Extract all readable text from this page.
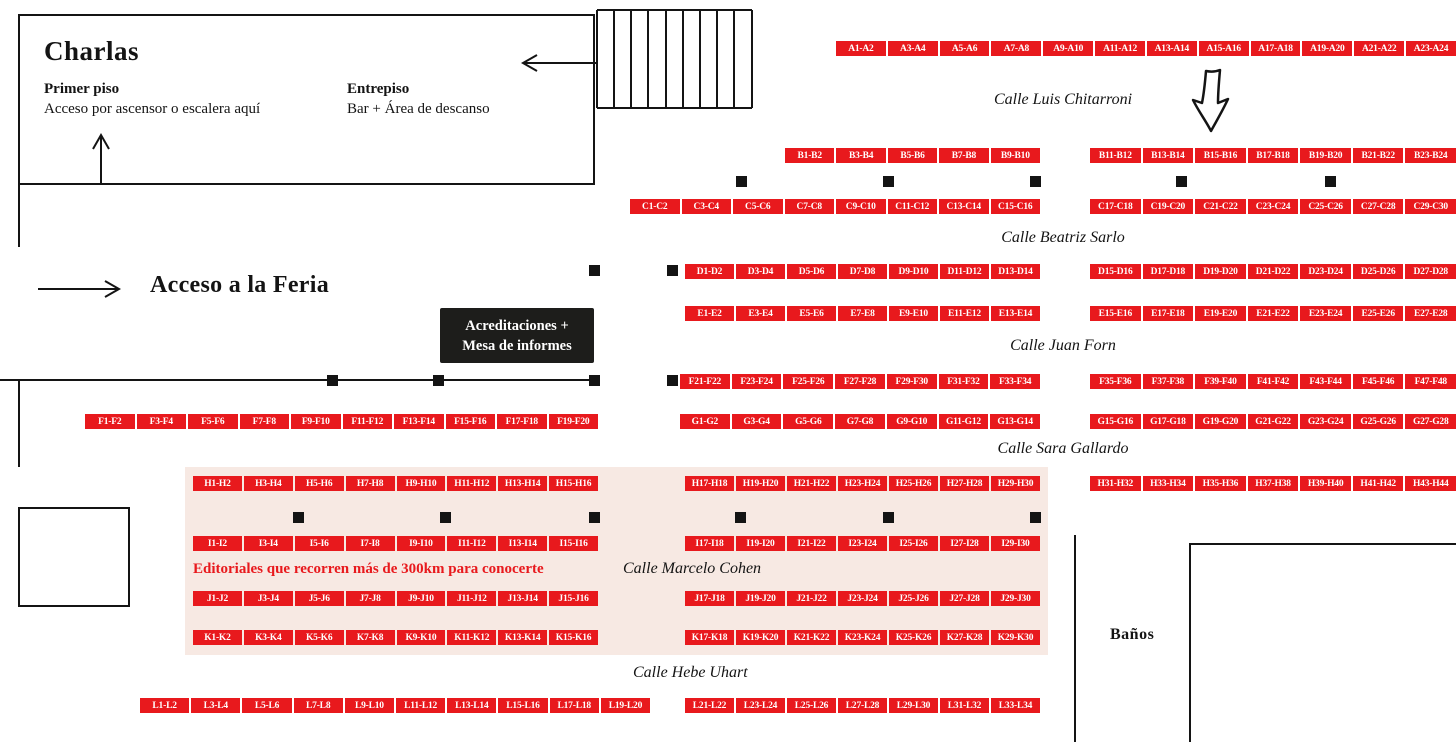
Charlas
Primer piso
Acceso por ascensor o escalera aquí
Entrepiso
Bar + Área de descanso
Acceso a la Feria
Acreditaciones +
Mesa de informes
Editoriales que recorren más de 300km para conocerte
Baños
Calle Luis Chitarroni
Calle Beatriz Sarlo
Calle Juan Forn
Calle Sara Gallardo
Calle Marcelo Cohen
Calle Hebe Uhart
A1-A2	A3-A4	A5-A6	A7-A8	A9-A10	A11-A12	A13-A14	A15-A16	A17-A18	A19-A20	A21-A22	A23-A24
B1-B2	B3-B4	B5-B6	B7-B8	B9-B10	B11-B12	B13-B14	B15-B16	B17-B18	B19-B20	B21-B22	B23-B24
C1-C2	C3-C4	C5-C6	C7-C8	C9-C10	C11-C12	C13-C14	C15-C16	C17-C18	C19-C20	C21-C22	C23-C24	C25-C26	C27-C28	C29-C30
D1-D2	D3-D4	D5-D6	D7-D8	D9-D10	D11-D12	D13-D14	D15-D16	D17-D18	D19-D20	D21-D22	D23-D24	D25-D26	D27-D28
E1-E2	E3-E4	E5-E6	E7-E8	E9-E10	E11-E12	E13-E14	E15-E16	E17-E18	E19-E20	E21-E22	E23-E24	E25-E26	E27-E28
F21-F22	F23-F24	F25-F26	F27-F28	F29-F30	F31-F32	F33-F34	F35-F36	F37-F38	F39-F40	F41-F42	F43-F44	F45-F46	F47-F48
F1-F2	F3-F4	F5-F6	F7-F8	F9-F10	F11-F12	F13-F14	F15-F16	F17-F18	F19-F20	G1-G2	G3-G4	G5-G6	G7-G8	G9-G10	G11-G12	G13-G14	G15-G16	G17-G18	G19-G20	G21-G22	G23-G24	G25-G26	G27-G28
H1-H2	H3-H4	H5-H6	H7-H8	H9-H10	H11-H12	H13-H14	H15-H16	H17-H18	H19-H20	H21-H22	H23-H24	H25-H26	H27-H28	H29-H30	H31-H32	H33-H34	H35-H36	H37-H38	H39-H40	H41-H42	H43-H44
I1-I2	I3-I4	I5-I6	I7-I8	I9-I10	I11-I12	I13-I14	I15-I16	I17-I18	I19-I20	I21-I22	I23-I24	I25-I26	I27-I28	I29-I30
J1-J2	J3-J4	J5-J6	J7-J8	J9-J10	J11-J12	J13-J14	J15-J16	J17-J18	J19-J20	J21-J22	J23-J24	J25-J26	J27-J28	J29-J30
K1-K2	K3-K4	K5-K6	K7-K8	K9-K10	K11-K12	K13-K14	K15-K16	K17-K18	K19-K20	K21-K22	K23-K24	K25-K26	K27-K28	K29-K30
L1-L2	L3-L4	L5-L6	L7-L8	L9-L10	L11-L12	L13-L14	L15-L16	L17-L18	L19-L20	L21-L22	L23-L24	L25-L26	L27-L28	L29-L30	L31-L32	L33-L34
